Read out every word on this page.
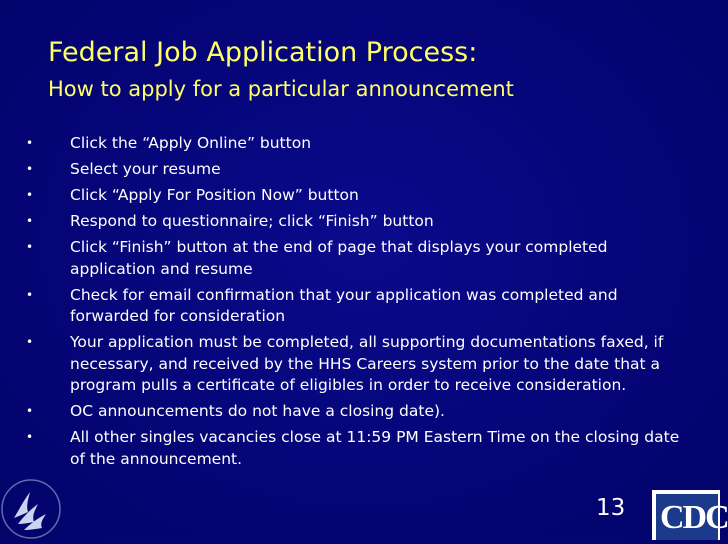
Federal Job Application Process:
How to apply for a particular announcement
• Click the “Apply Online” button
• Select your resume
• Click “Apply For Position Now” button
• Respond to questionnaire; click “Finish” button
• Click “Finish” button at the end of page that displays your completed application and resume
• Check for email confirmation that your application was completed and forwarded for consideration
• Your application must be completed, all supporting documentations faxed, if necessary, and received by the HHS Careers system prior to the date that a program pulls a certificate of eligibles in order to receive consideration.
• OC announcements do not have a closing date).
• All other singles vacancies close at 11:59 PM Eastern Time on the closing date of the announcement.
13 CDC
